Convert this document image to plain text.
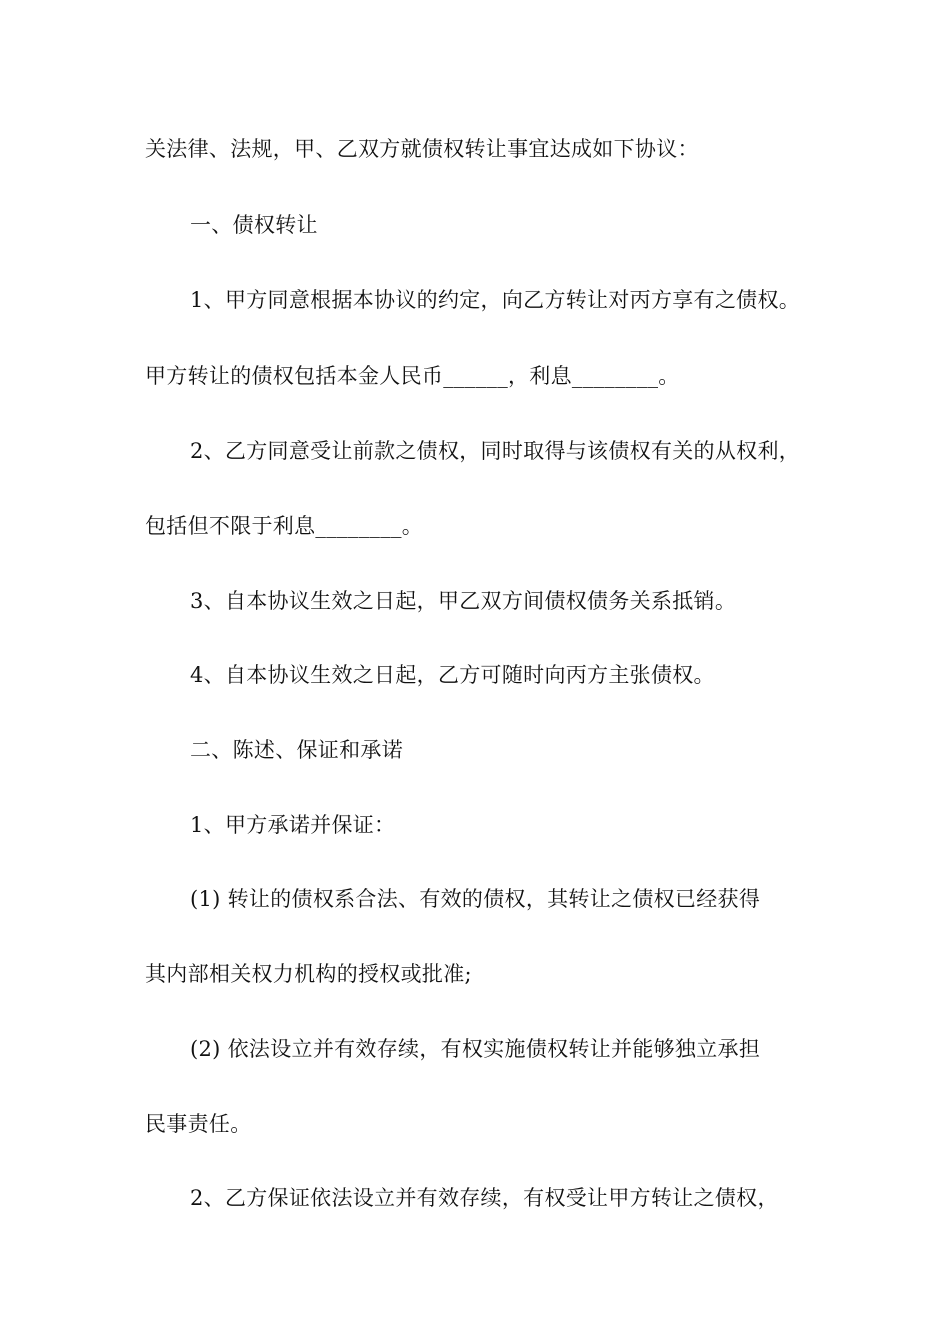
关法律、法规，甲、乙双方就债权转让事宜达成如下协议：
一、债权转让
1、甲方同意根据本协议的约定，向乙方转让对丙方享有之债权。
甲方转让的债权包括本金人民币______，利息________。
2、乙方同意受让前款之债权，同时取得与该债权有关的从权利，
包括但不限于利息________。
3、自本协议生效之日起，甲乙双方间债权债务关系抵销。
4、自本协议生效之日起，乙方可随时向丙方主张债权。
二、陈述、保证和承诺
1、甲方承诺并保证：
(1) 转让的债权系合法、有效的债权，其转让之债权已经获得
其内部相关权力机构的授权或批准;
(2) 依法设立并有效存续，有权实施债权转让并能够独立承担
民事责任。
2、乙方保证依法设立并有效存续，有权受让甲方转让之债权，
